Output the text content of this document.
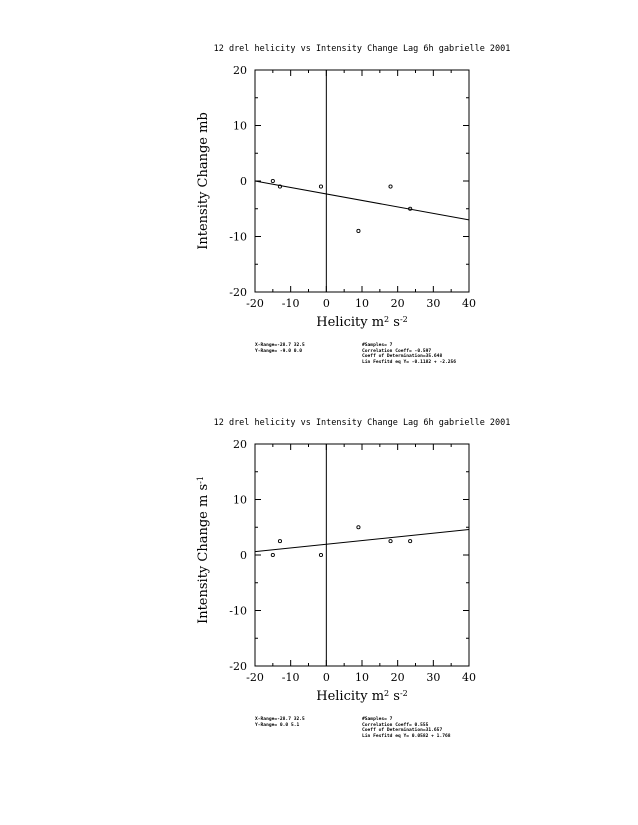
12 drel helicity vs Intensity Change Lag 6h gabrielle 2001
-20 -10 0 10 20 30 40
-20
-10
0
10
20
Intensity Change mb
Helicity $m^2$ $s^{-2}$
X-Range=-28.7 32.5
Y-Range= -9.0 0.0
#Samples= 7
Correlation Coeff= -0.597
Coeff of Determination=35.648
Lin Fesfitd eq Y= -0.1182 + -2.256
12 drel helicity vs Intensity Change Lag 6h gabrielle 2001
-20 -10 0 10 20 30 40
-20
-10
0
10
20
Intensity Change m $s^{-1}$
Helicity $m^2$ $s^{-2}$
X-Range=-28.7 32.5
Y-Range= 0.0 5.1
#Samples= 7
Correlation Coeff= 0.555
Coeff of Determination=31.657
Lin Fesfitd eq Y= 0.0582 + 1.768
